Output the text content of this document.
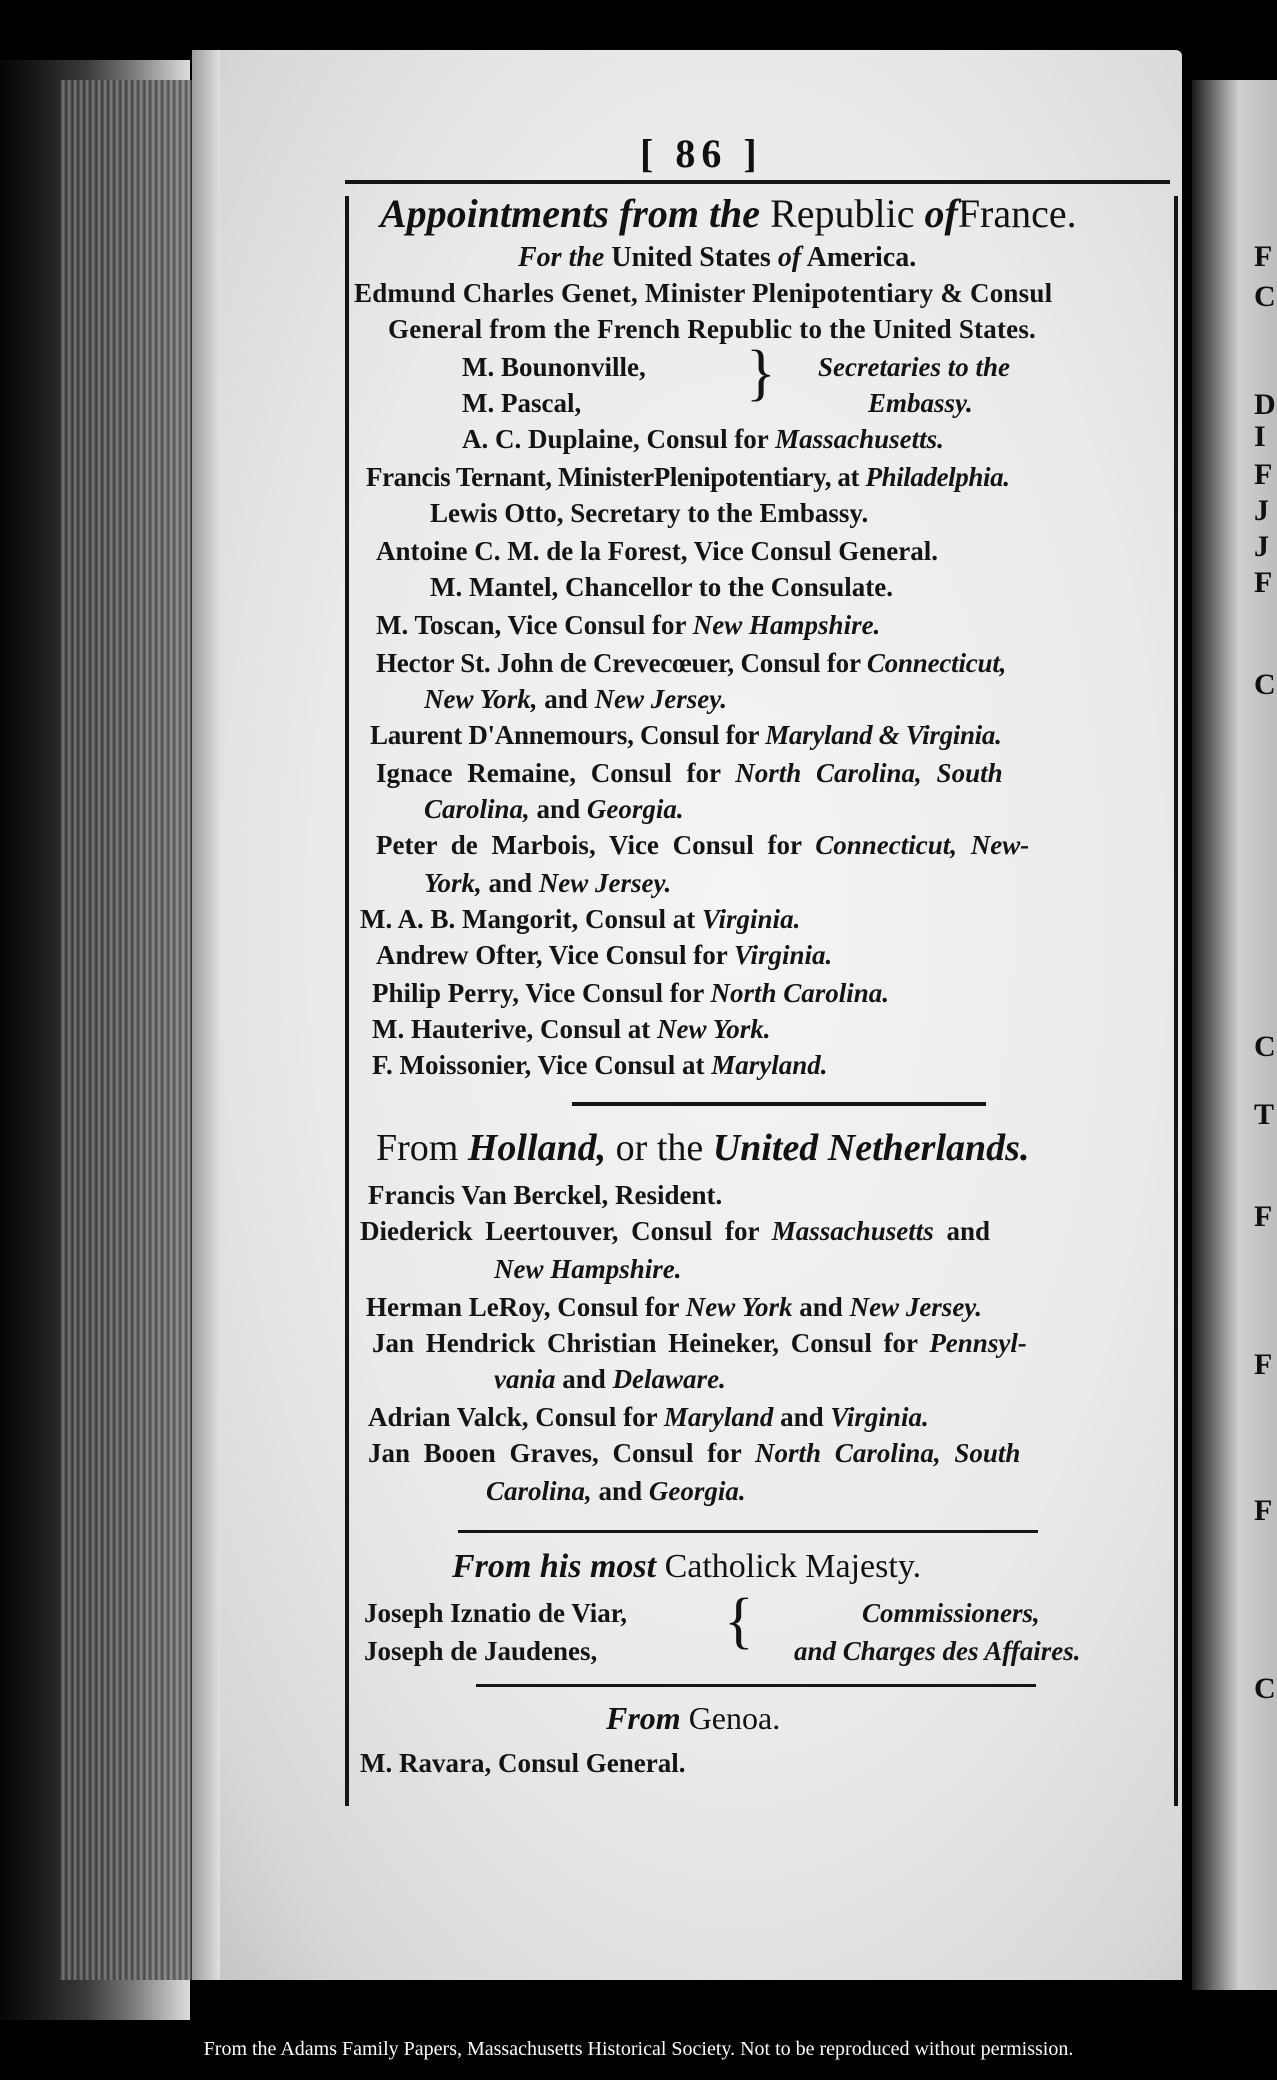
F
C
D
I
F
J
J
F
C
C
T
F
F
F
C
[ 86 ]
Appointments from the Republic ofFrance.
For the United States of America.
Edmund Charles Genet, Minister Plenipotentiary & Consul
General from the French Republic to the United States.
M. Bounonville,
M. Pascal,	} Secretaries to the
Embassy.
A. C. Duplaine, Consul for Massachusetts.
Francis Ternant, MinisterPlenipotentiary, at Philadelphia.
Lewis Otto, Secretary to the Embassy.
Antoine C. M. de la Forest, Vice Consul General.
M. Mantel, Chancellor to the Consulate.
M. Toscan, Vice Consul for New Hampshire.
Hector St. John de Crevecœuer, Consul for Connecticut,
New York, and New Jersey.
Laurent D'Annemours, Consul for Maryland & Virginia.
Ignace Remaine, Consul for North Carolina, South
Carolina, and Georgia.
Peter de Marbois, Vice Consul for Connecticut, New-
York, and New Jersey.
M. A. B. Mangorit, Consul at Virginia.
Andrew Ofter, Vice Consul for Virginia.
Philip Perry, Vice Consul for North Carolina.
M. Hauterive, Consul at New York.
F. Moissonier, Vice Consul at Maryland.
From Holland, or the United Netherlands.
Francis Van Berckel, Resident.
Diederick Leertouver, Consul for Massachusetts and
New Hampshire.
Herman LeRoy, Consul for New York and New Jersey.
Jan Hendrick Christian Heineker, Consul for Pennsyl-
vania and Delaware.
Adrian Valck, Consul for Maryland and Virginia.
Jan Booen Graves, Consul for North Carolina, South
Carolina, and Georgia.
From his most Catholick Majesty.
Joseph Iznatio de Viar,
Joseph de Jaudenes, {	Commissioners,
and Charges des Affaires.
From Genoa.
M. Ravara, Consul General.
From the Adams Family Papers, Massachusetts Historical Society. Not to be reproduced without permission.
